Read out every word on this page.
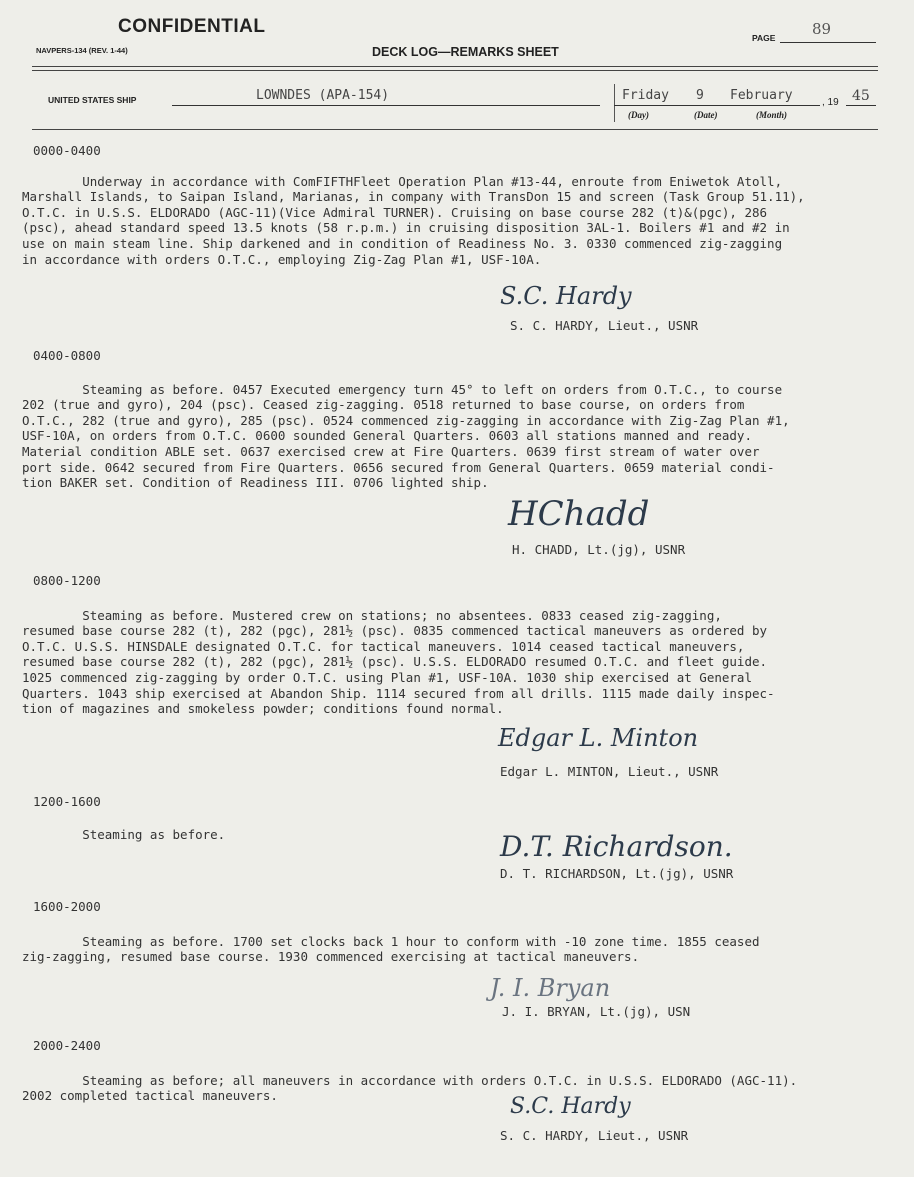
CONFIDENTIAL
NAVPERS-134 (REV. 1-44)
PAGE 89
DECK LOG—REMARKS SHEET
UNITED STATES SHIP	LOWNDES (APA-154)	Friday 9 February	, 19 45
(Day)	(Date)	(Month)
0000-0400

Underway in accordance with ComFIFTHFleet Operation Plan #13-44, enroute from Eniwetok Atoll,
Marshall Islands, to Saipan Island, Marianas, in company with TransDon 15 and screen (Task Group 51.11),
O.T.C. in U.S.S. ELDORADO (AGC-11)(Vice Admiral TURNER). Cruising on base course 282 (t)&(pgc), 286
(psc), ahead standard speed 13.5 knots (58 r.p.m.) in cruising disposition 3AL-1. Boilers #1 and #2 in
use on main steam line. Ship darkened and in condition of Readiness No. 3. 0330 commenced zig-zagging
in accordance with orders O.T.C., employing Zig-Zag Plan #1, USF-10A.

S.C. Hardy
S. C. HARDY, Lieut., USNR
0400-0800

Steaming as before. 0457 Executed emergency turn 45° to left on orders from O.T.C., to course
202 (true and gyro), 204 (psc). Ceased zig-zagging. 0518 returned to base course, on orders from
O.T.C., 282 (true and gyro), 285 (psc). 0524 commenced zig-zagging in accordance with Zig-Zag Plan #1,
USF-10A, on orders from O.T.C. 0600 sounded General Quarters. 0603 all stations manned and ready.
Material condition ABLE set. 0637 exercised crew at Fire Quarters. 0639 first stream of water over
port side. 0642 secured from Fire Quarters. 0656 secured from General Quarters. 0659 material condi-
tion BAKER set. Condition of Readiness III. 0706 lighted ship.

HChadd
H. CHADD, Lt.(jg), USNR
0800-1200

Steaming as before. Mustered crew on stations; no absentees. 0833 ceased zig-zagging,
resumed base course 282 (t), 282 (pgc), 281½ (psc). 0835 commenced tactical maneuvers as ordered by
O.T.C. U.S.S. HINSDALE designated O.T.C. for tactical maneuvers. 1014 ceased tactical maneuvers,
resumed base course 282 (t), 282 (pgc), 281½ (psc). U.S.S. ELDORADO resumed O.T.C. and fleet guide.
1025 commenced zig-zagging by order O.T.C. using Plan #1, USF-10A. 1030 ship exercised at General
Quarters. 1043 ship exercised at Abandon Ship. 1114 secured from all drills. 1115 made daily inspec-
tion of magazines and smokeless powder; conditions found normal.

Edgar L. Minton
Edgar L. MINTON, Lieut., USNR
1200-1600

Steaming as before.	D.T. Richardson.
D. T. RICHARDSON, Lt.(jg), USNR
1600-2000

Steaming as before. 1700 set clocks back 1 hour to conform with -10 zone time. 1855 ceased
zig-zagging, resumed base course. 1930 commenced exercising at tactical maneuvers.

J. I. Bryan
J. I. BRYAN, Lt.(jg), USN
2000-2400

Steaming as before; all maneuvers in accordance with orders O.T.C. in U.S.S. ELDORADO (AGC-11).
2002 completed tactical maneuvers.	S.C. Hardy
S. C. HARDY, Lieut., USNR
